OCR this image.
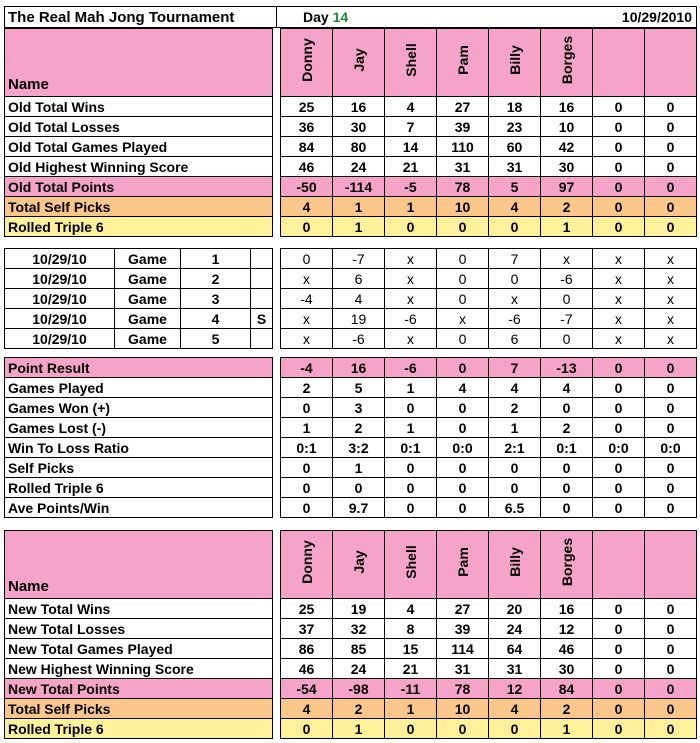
The Real Mah Jong Tournament	Day 14	10/29/2010
Name		Donny	Jay	Shell	Pam	Billy	Borges		

Old Total Wins		25	16	4	27	18	16	0	0
Old Total Losses		36	30	7	39	23	10	0	0
Old Total Games Played		84	80	14	110	60	42	0	0
Old Highest Winning Score		46	24	21	31	31	30	0	0
Old Total Points		-50	-114	-5	78	5	97	0	0
Total Self Picks		4	1	1	10	4	2	0	0
Rolled Triple 6		0	1	0	0	0	1	0	0
10/29/10	Game	1			0	-7	x	0	7	x	x	x
10/29/10	Game	2			x	6	x	0	0	-6	x	x
10/29/10	Game	3			-4	4	x	0	x	0	x	x
10/29/10	Game	4	S		x	19	-6	x	-6	-7	x	x
10/29/10	Game	5			x	-6	x	0	6	0	x	x
Point Result		-4	16	-6	0	7	-13	0	0
Games Played		2	5	1	4	4	4	0	0
Games Won (+)		0	3	0	0	2	0	0	0
Games Lost (-)		1	2	1	0	1	2	0	0
Win To Loss Ratio		0:1	3:2	0:1	0:0	2:1	0:1	0:0	0:0
Self Picks		0	1	0	0	0	0	0	0
Rolled Triple 6		0	0	0	0	0	0	0	0
Ave Points/Win		0	9.7	0	0	6.5	0	0	0
Name		Donny	Jay	Shell	Pam	Billy	Borges		

New Total Wins		25	19	4	27	20	16	0	0
New Total Losses		37	32	8	39	24	12	0	0
New Total Games Played		86	85	15	114	64	46	0	0
New Highest Winning Score		46	24	21	31	31	30	0	0
New Total Points		-54	-98	-11	78	12	84	0	0
Total Self Picks		4	2	1	10	4	2	0	0
Rolled Triple 6		0	1	0	0	0	1	0	0
